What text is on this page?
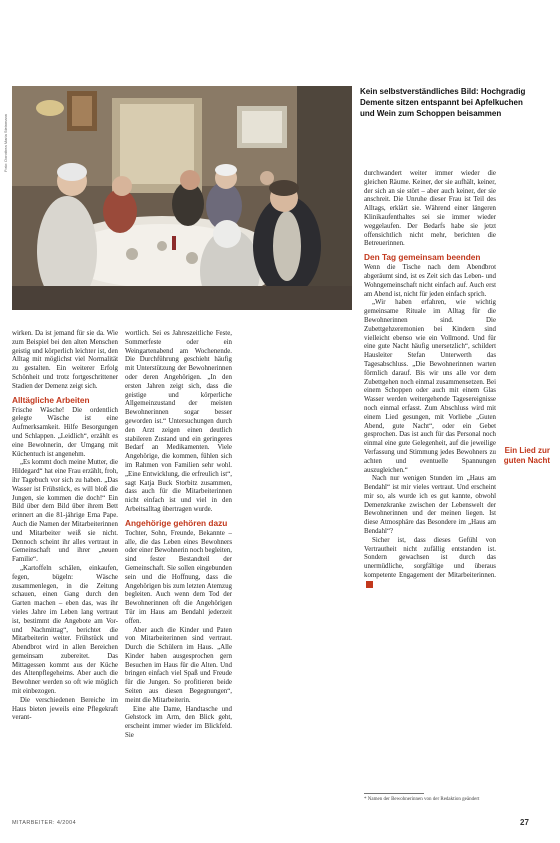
Foto: Dorothea Maria Steinmann
Kein selbstverständliches Bild: Hochgradig Demente sitzen entspannt bei Apfelkuchen und Wein zum Schoppen beisammen

wirken. Da ist jemand für sie da. Wie zum Beispiel bei den alten Menschen geistig und körperlich leichter ist, den Alltag mit möglichst viel Normalität zu gestalten. Ein weiterer Erfolg Schönheit und trotz fortgeschrittener Stadien der Demenz zeigt sich.

Alltägliche Arbeiten

Frische Wäsche! Die ordentlich gelegte Wäsche ist eine Aufmerksamkeit. Hilfe Besorgungen und Schlappen. „Leidlich“, erzählt es eine Bewohnerin, der Umgang mit Küchentuch ist angenehm.

„Es kommt doch meine Mutter, die Hildegard“ hat eine Frau erzählt, froh, ihr Tagebuch vor sich zu haben. „Das Wasser ist Frühstück, es will bloß die Jungen, sie kommen die doch!“ Ein Bild über dem Bild über ihrem Bett erinnert an die 81-jährige Erna Pape. Auch die Namen der Mitarbeiterinnen und Mitarbeiter weiß sie nicht. Dennoch scheint ihr alles vertraut in Gemeinschaft und ihrer „neuen Familie“.

„Kartoffeln schälen, einkaufen, fegen, bügeln: Wäsche zusammenlegen, in die Zeitung schauen, einen Gang durch den Garten machen – eben das, was ihr vieles Jahre im Leben lang vertraut ist, bestimmt die Angebote am Vor- und Nachmittag“, berichtet die Mitarbeiterin weiter. Frühstück und Abendbrot wird in allen Bereichen gemeinsam zubereitet. Das Mittagessen kommt aus der Küche des Altenpflegeheims. Aber auch die Bewohner werden so oft wie möglich mit einbezogen.

Die verschiedenen Bereiche im Haus bieten jeweils eine Pflegekraft verant-

wortlich. Sei es Jahreszeitliche Feste, Sommerfeste oder ein Weingartenabend am Wochenende. Die Durchführung geschieht häufig mit Unterstützung der Bewohnerinnen oder deren Angehörigen. „In den ersten Jahren zeigt sich, dass die geistige und körperliche Allgemeinzustand der meisten Bewohnerinnen sogar besser geworden ist.“ Untersuchungen durch den Arzt zeigen einen deutlich stabileren Zustand und ein geringeres Bedarf an Medikamenten. Viele Angehörige, die kommen, fühlen sich im Rahmen von Familien sehr wohl. „Eine Entwicklung, die erfreulich ist“, sagt Katja Buck Storbitz zusammen, dass auch für die Mitarbeiterinnen nicht einfach ist und viel in den Arbeitsalltag übertragen wurde.

Angehörige gehören dazu

Tochter, Sohn, Freunde, Bekannte – alle, die das Leben eines Bewohners oder einer Bewohnerin noch begleiten, sind fester Bestandteil der Gemeinschaft. Sie sollen eingebunden sein und die Hoffnung, dass die Angehörigen bis zum letzten Atemzug begleiten. Auch wenn dem Tod der Bewohnerinnen oft die Angehörigen Tür im Haus am Bendahl jederzeit offen.

Aber auch die Kinder und Paten von Mitarbeiterinnen sind vertraut. Durch die Schülern im Haus. „Alle Kinder haben ausgesprochen gern Besuchen im Haus für die Alten. Und bringen einfach viel Spaß und Freude für die Jungen. So profitieren beide Seiten aus diesen Begegnungen“, meint die Mitarbeiterin.

Eine alte Dame, Handtasche und Gehstock im Arm, den Blick geht, erscheint immer wieder im Blickfeld. Sie

durchwandert weiter immer wieder die gleichen Räume. Keiner, der sie aufhält, keiner, der sich an sie stört – aber auch keiner, der sie anschreit. Die Unruhe dieser Frau ist Teil des Alltags, erklärt sie. Während einer längeren Klinikaufenthaltes sei sie immer wieder weggelaufen. Der Bedarfs habe sie jetzt offensichtlich nicht mehr, berichten die Betreuerinnen.

Den Tag gemeinsam beenden

Wenn die Tische nach dem Abendbrot abgeräumt sind, ist es Zeit sich das Leben- und Wohngemeinschaft nicht einfach auf. Auch erst am Abend ist, nicht für jeden einfach sprich.

„Wir haben erfahren, wie wichtig gemeinsame Rituale im Alltag für die Bewohnerinnen sind. Die Zubettgehzeremonien bei Kindern sind vielleicht ebenso wie ein Vollmond. Und für eine gute Nacht häufig unersetzlich“, schildert Hausleiter Stefan Unterwerth das Tagesabschluss. „Die Bewohnerinnen warten förmlich darauf. Bis wir uns alle vor dem Zubettgehen noch einmal zusammensetzen. Bei einem Schoppen oder auch mit einem Glas Wasser werden weitergehende Tagesereignisse noch einmal erfasst. Zum Abschluss wird mit einem Lied gesungen, mit Vorliebe „Guten Abend, gute Nacht“, oder ein Gebet gesprochen. Das ist auch für das Personal noch einmal eine gute Gelegenheit, auf die jeweilige Verfassung und Stimmung jedes Bewohners zu achten und eventuelle Spannungen auszugleichen.“

Nach nur wenigen Stunden im „Haus am Bendahl“ ist mir vieles vertraut. Und erscheint mir so, als wurde ich es gut kannte, obwohl Demenzkranke zwischen der Lebenswelt der Bewohnerinnen und der meinen liegen. Ist diese Atmosphäre das Besondere im „Haus am Bendahl“?

Sicher ist, dass dieses Gefühl von Vertrautheit nicht zufällig entstanden ist. Sondern gewachsen ist durch das unermüdliche, sorgfältige und überaus kompetente Engagement der Mitarbeiterinnen.

Ein Lied zur guten Nacht
* Namen der Bewohnerinnen von der Redaktion geändert
MITARBEITER: 4/2004	27
